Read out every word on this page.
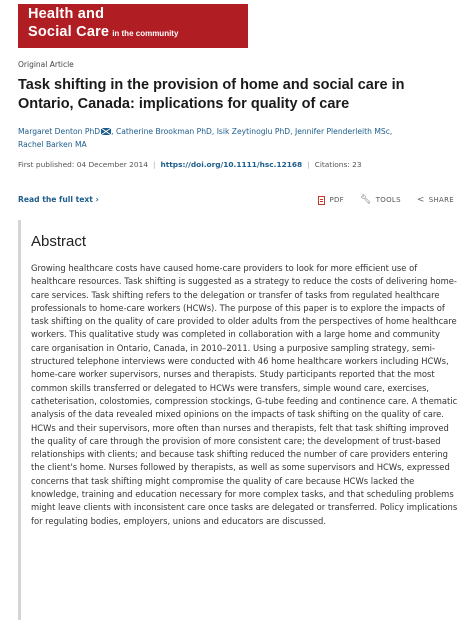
Health and
Social Care in the community
Original Article
Task shifting in the provision of home and social care in Ontario, Canada: implications for quality of care
Margaret Denton PhD , Catherine Brookman PhD, Isik Zeytinoglu PhD, Jennifer Plenderleith MSc,
Rachel Barken MA
First published: 04 December 2014 | https://doi.org/10.1111/hsc.12168 | Citations: 23
Read the full text ›	PDF 🔧︎ TOOLS < SHARE
Abstract

Growing healthcare costs have caused home-care providers to look for more efficient use of healthcare resources. Task shifting is suggested as a strategy to reduce the costs of delivering home-care services. Task shifting refers to the delegation or transfer of tasks from regulated healthcare professionals to home-care workers (HCWs). The purpose of this paper is to explore the impacts of task shifting on the quality of care provided to older adults from the perspectives of home healthcare workers. This qualitative study was completed in collaboration with a large home and community care organisation in Ontario, Canada, in 2010–2011. Using a purposive sampling strategy, semi-structured telephone interviews were conducted with 46 home healthcare workers including HCWs, home-care worker supervisors, nurses and therapists. Study participants reported that the most common skills transferred or delegated to HCWs were transfers, simple wound care, exercises, catheterisation, colostomies, compression stockings, G-tube feeding and continence care. A thematic analysis of the data revealed mixed opinions on the impacts of task shifting on the quality of care. HCWs and their supervisors, more often than nurses and therapists, felt that task shifting improved the quality of care through the provision of more consistent care; the development of trust-based relationships with clients; and because task shifting reduced the number of care providers entering the client's home. Nurses followed by therapists, as well as some supervisors and HCWs, expressed concerns that task shifting might compromise the quality of care because HCWs lacked the knowledge, training and education necessary for more complex tasks, and that scheduling problems might leave clients with inconsistent care once tasks are delegated or transferred. Policy implications for regulating bodies, employers, unions and educators are discussed.
